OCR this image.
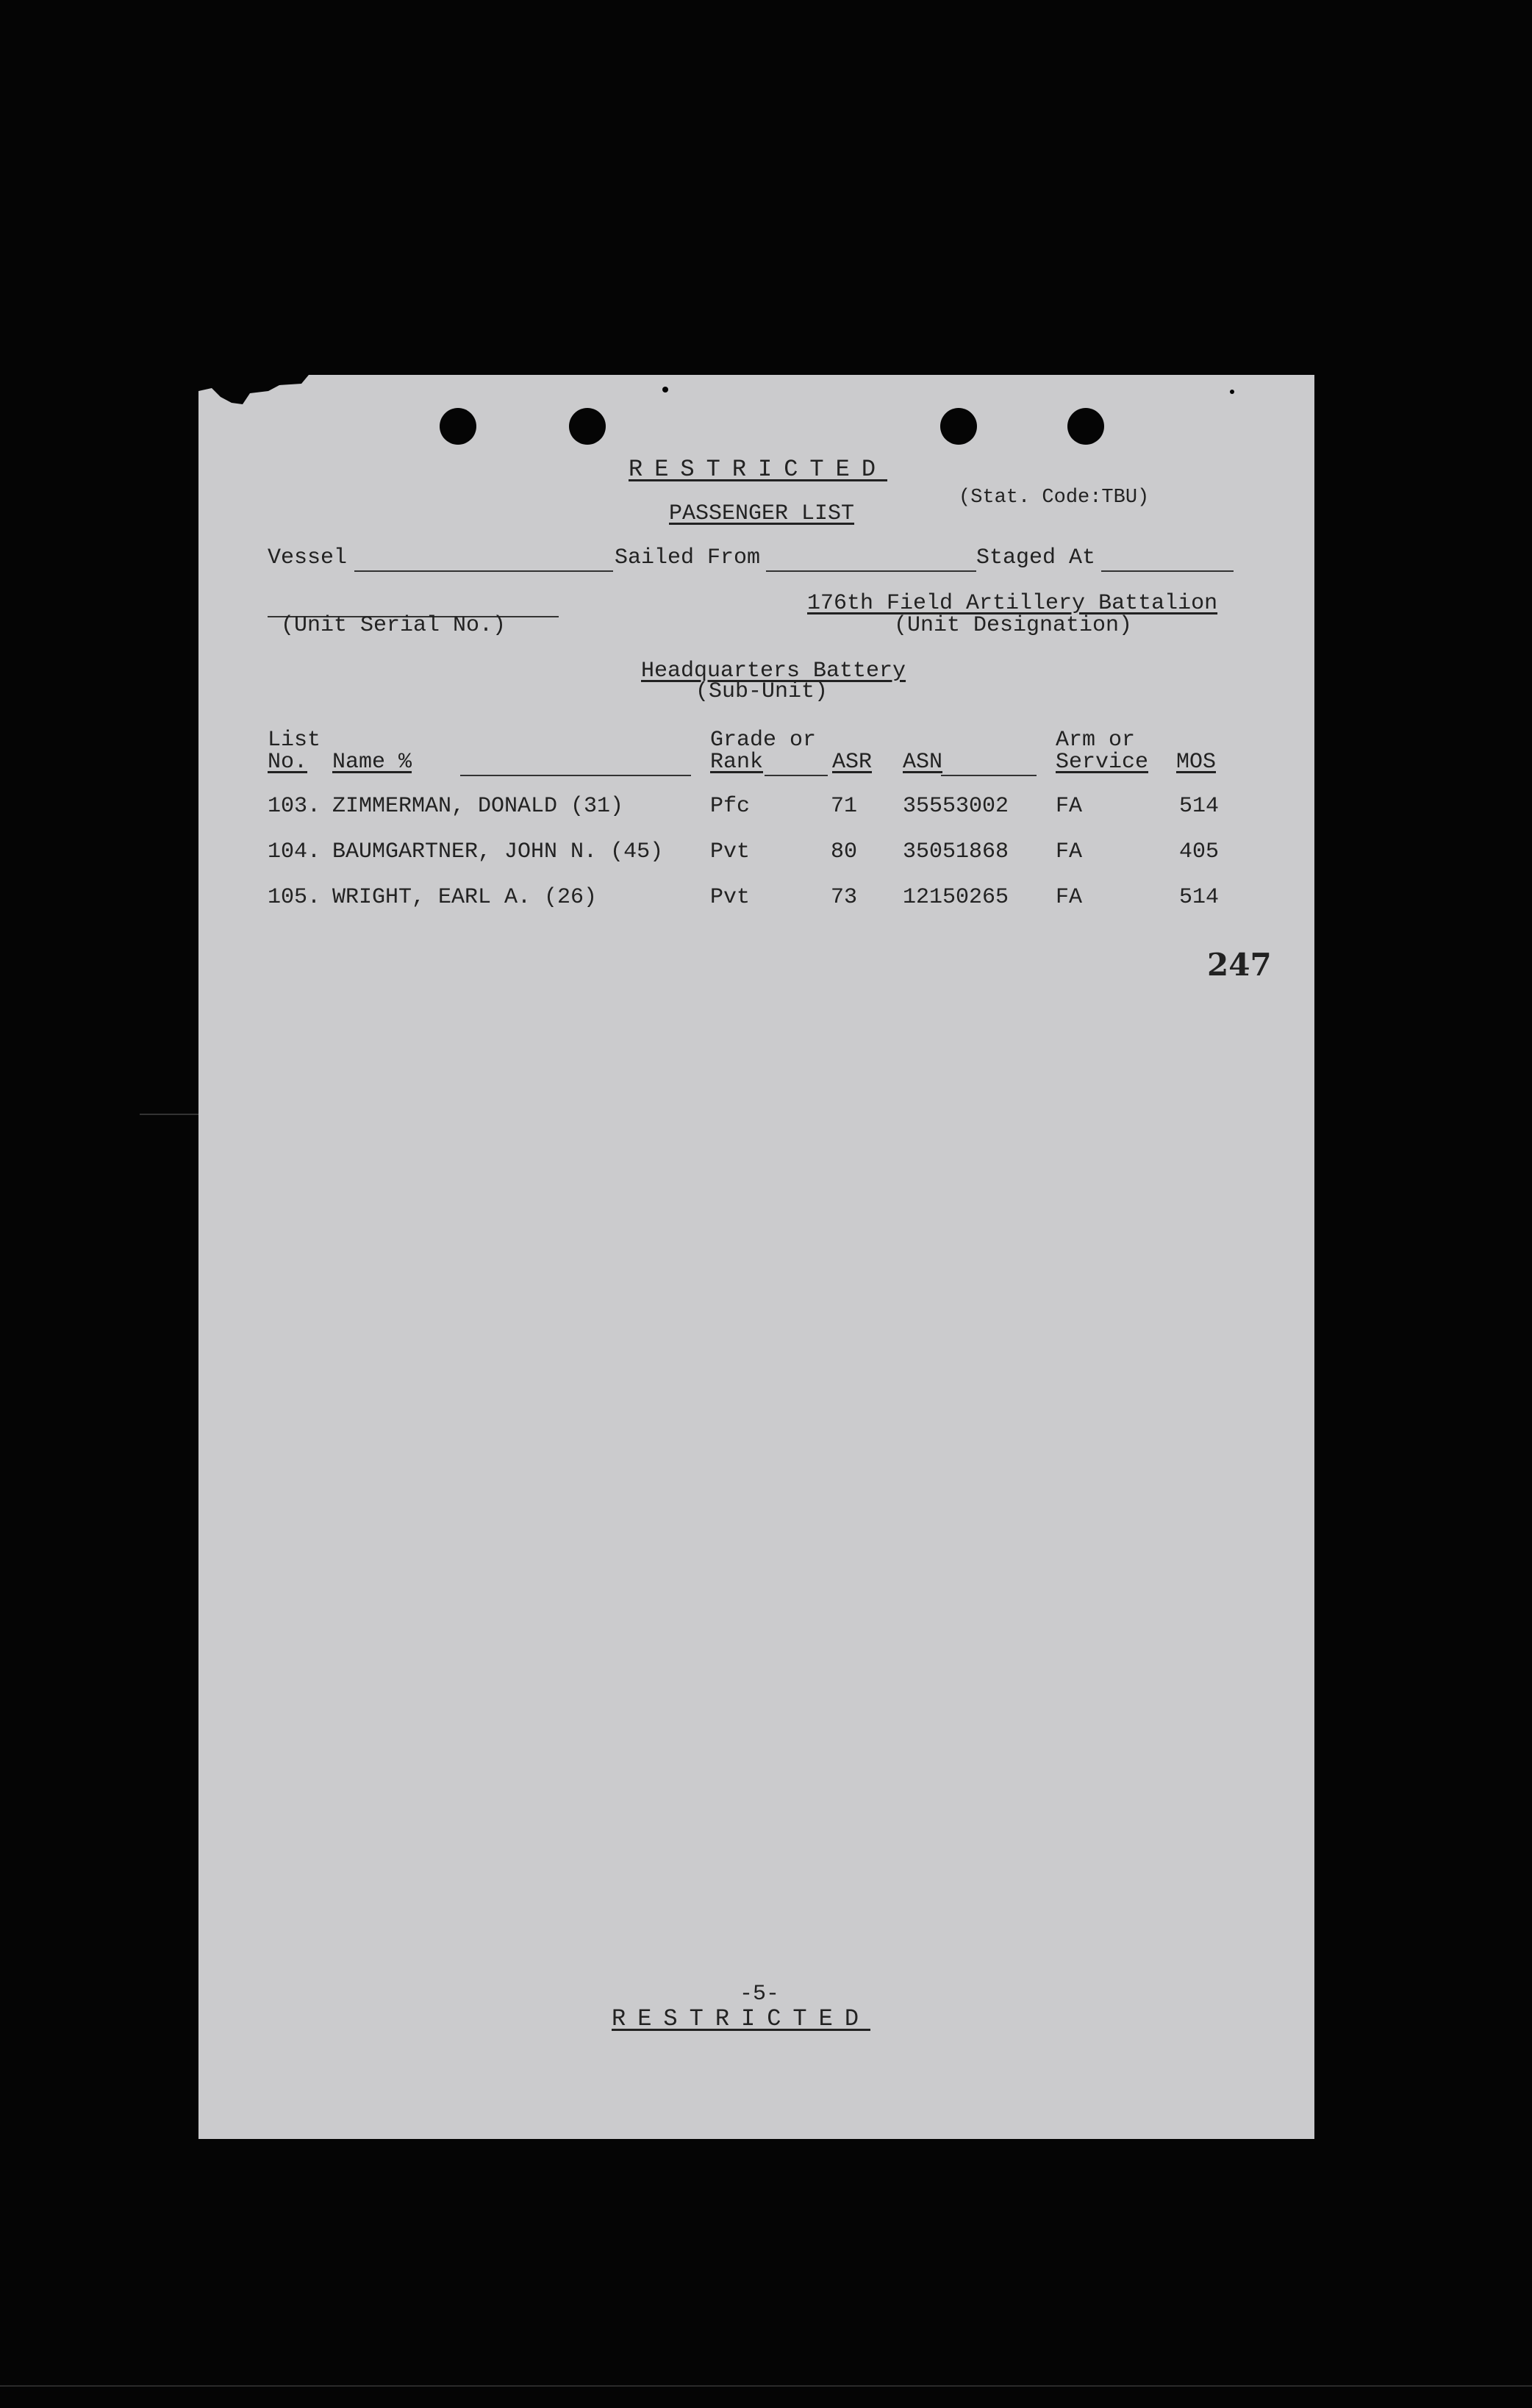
RESTRICTED
PASSENGER LIST
(Stat. Code:TBU)
Vessel	Sailed From	Staged At
176th Field Artillery Battalion
(Unit Designation)
(Unit Serial No.)
Headquarters Battery
(Sub-Unit)
List
No. Name %
Grade or
Rank	ASR ASN
Arm or
Service MOS
103. ZIMMERMAN, DONALD (31)	Pfc	71 35553002 FA	514
104. BAUMGARTNER, JOHN N. (45) Pvt	80 35051868 FA	405
105. WRIGHT, EARL A. (26)	Pvt	73 12150265 FA	514
247
-5-
RESTRICTED
